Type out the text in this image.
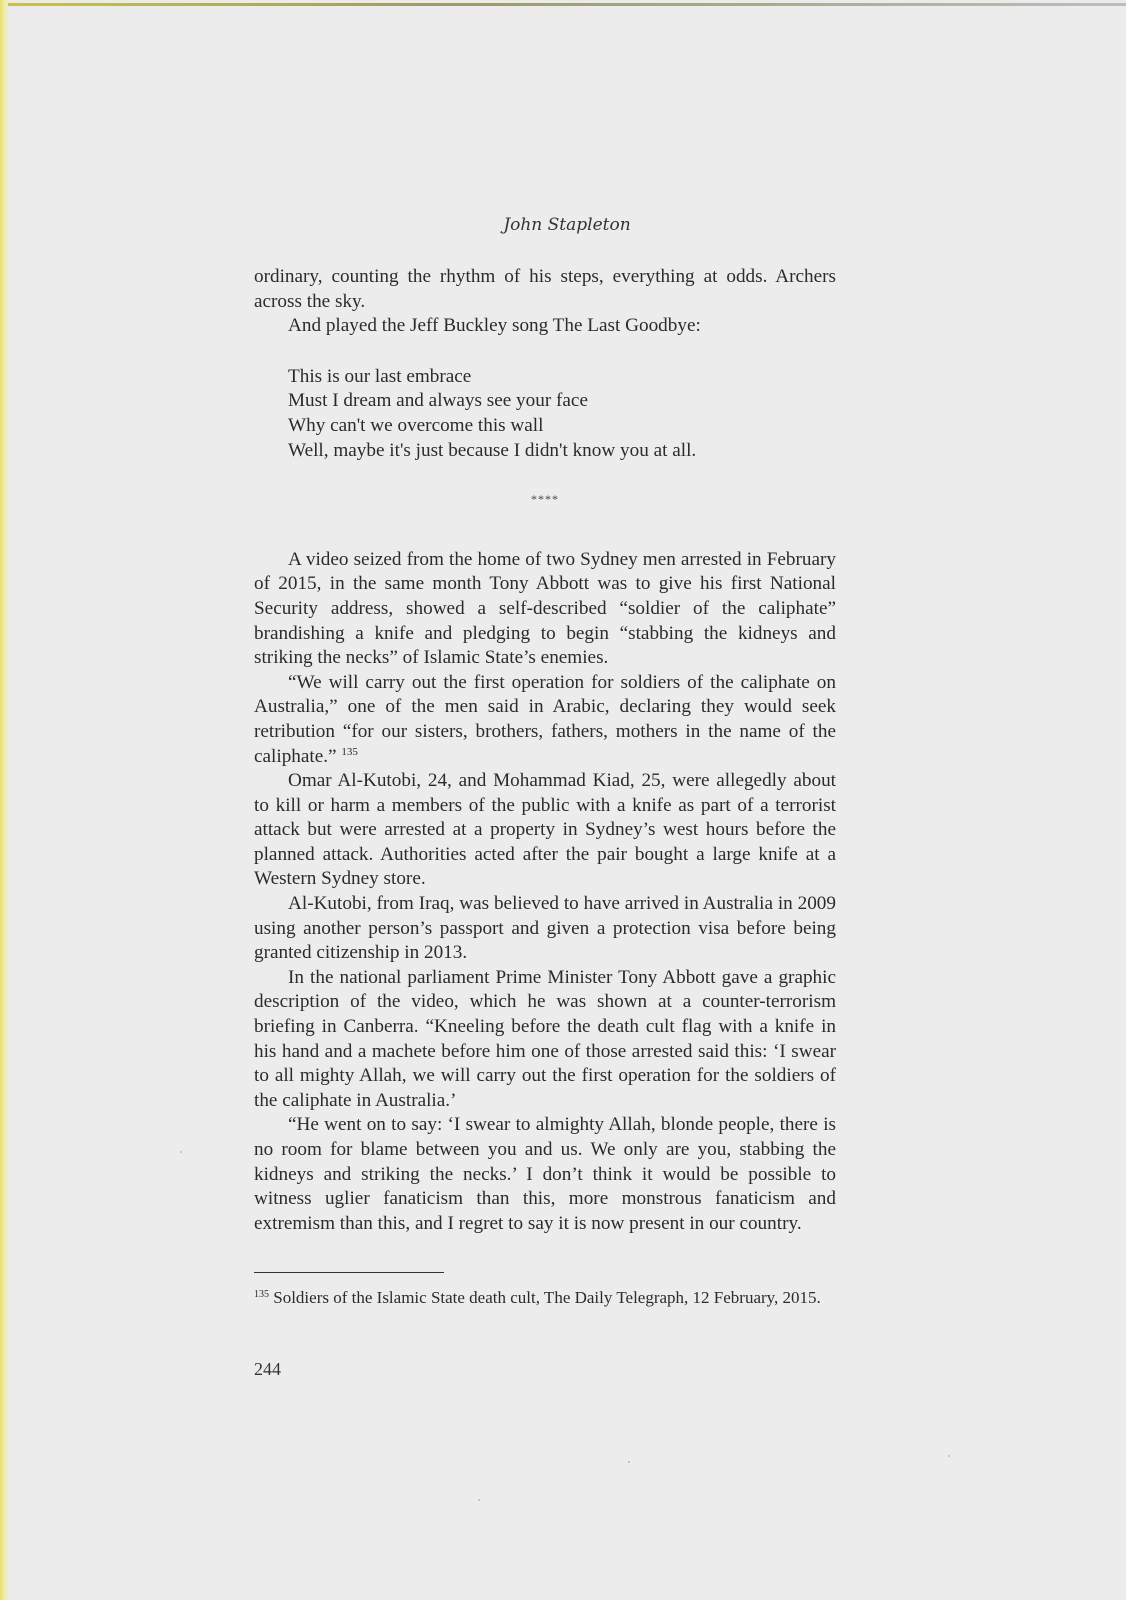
John Stapleton

ordinary, counting the rhythm of his steps, everything at odds. Archers across the sky.

And played the Jeff Buckley song The Last Goodbye:

This is our last embrace
Must I dream and always see your face
Why can't we overcome this wall
Well, maybe it's just because I didn't know you at all.
****

A video seized from the home of two Sydney men arrested in February of 2015, in the same month Tony Abbott was to give his first National Security address, showed a self-described “soldier of the caliphate” brandishing a knife and pledging to begin “stabbing the kidneys and striking the necks” of Islamic State’s enemies.

“We will carry out the first operation for soldiers of the caliphate on Australia,” one of the men said in Arabic, declaring they would seek retribution “for our sisters, brothers, fathers, mothers in the name of the caliphate.” $^{135}$

Omar Al-Kutobi, 24, and Mohammad Kiad, 25, were allegedly about to kill or harm a members of the public with a knife as part of a terrorist attack but were arrested at a property in Sydney’s west hours before the planned attack. Authorities acted after the pair bought a large knife at a Western Sydney store.

Al-Kutobi, from Iraq, was believed to have arrived in Australia in 2009 using another person’s passport and given a protection visa before being granted citizenship in 2013.

In the national parliament Prime Minister Tony Abbott gave a graphic description of the video, which he was shown at a counter-terrorism briefing in Canberra. “Kneeling before the death cult flag with a knife in his hand and a machete before him one of those arrested said this: ‘I swear to all mighty Allah, we will carry out the first operation for the soldiers of the caliphate in Australia.’

“He went on to say: ‘I swear to almighty Allah, blonde people, there is no room for blame between you and us. We only are you, stabbing the kidneys and striking the necks.’ I don’t think it would be possible to witness uglier fanaticism than this, more monstrous fanaticism and extremism than this, and I regret to say it is now present in our country.

$^{135}$ Soldiers of the Islamic State death cult, The Daily Telegraph, 12 February, 2015.
244
